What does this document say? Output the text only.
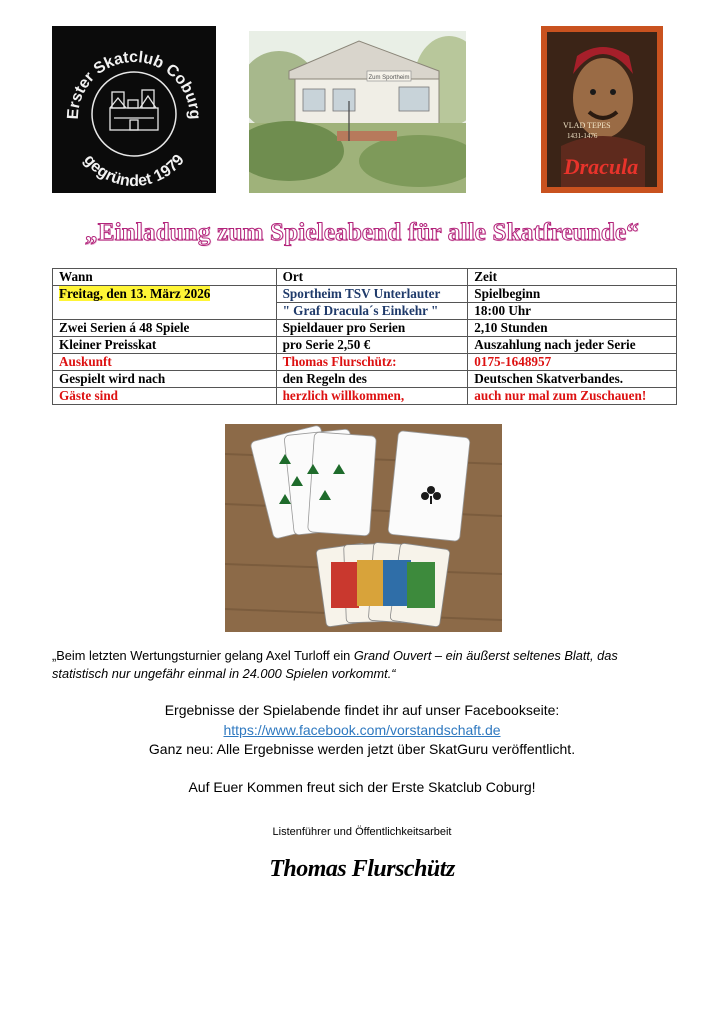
Erster Skatclub Coburg
gegründet 1979
Zum Sportheim
VLAD TEPES
1431-1476
Dracula
„Einladung zum Spieleabend für alle Skatfreunde“
Wann	Ort	Zeit
Freitag, den 13. März 2026	Sportheim TSV Unterlauter	Spielbeginn
	" Graf Dracula´s Einkehr "	18:00 Uhr
Zwei Serien á 48 Spiele	Spieldauer pro Serien	2,10 Stunden
Kleiner Preisskat	pro Serie 2,50 €	Auszahlung nach jeder Serie
Auskunft	Thomas Flurschütz:	0175-1648957
Gespielt wird nach	den Regeln des	Deutschen Skatverbandes.
Gäste sind	herzlich willkommen,	auch nur mal zum Zuschauen!
„Beim letzten Wertungsturnier gelang Axel Turloff ein Grand Ouvert – ein äußerst seltenes Blatt, das statistisch nur ungefähr einmal in 24.000 Spielen vorkommt.“
Ergebnisse der Spielabende findet ihr auf unser Facebookseite:
https://www.facebook.com/vorstandschaft.de
Ganz neu: Alle Ergebnisse werden jetzt über SkatGuru veröffentlicht.
Auf Euer Kommen freut sich der Erste Skatclub Coburg!
Listenführer und Öffentlichkeitsarbeit
Thomas Flurschütz
